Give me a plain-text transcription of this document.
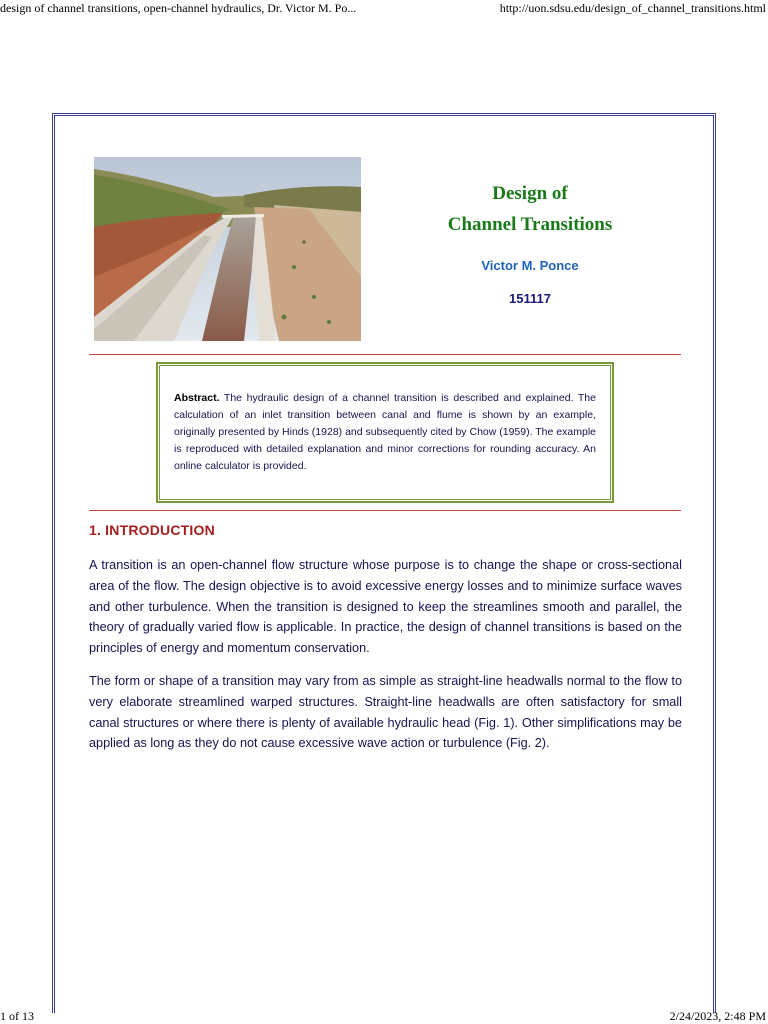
design of channel transitions, open-channel hydraulics, Dr. Victor M. Po...	http://uon.sdsu.edu/design_of_channel_transitions.html
Design of
Channel Transitions
Victor M. Ponce
151117
Abstract. The hydraulic design of a channel transition is described and explained. The calculation of an inlet transition between canal and flume is shown by an example, originally presented by Hinds (1928) and subsequently cited by Chow (1959). The example is reproduced with detailed explanation and minor corrections for rounding accuracy. An online calculator is provided.
1. INTRODUCTION
A transition is an open-channel flow structure whose purpose is to change the shape or cross-sectional area of the flow. The design objective is to avoid excessive energy losses and to minimize surface waves and other turbulence. When the transition is designed to keep the streamlines smooth and parallel, the theory of gradually varied flow is applicable. In practice, the design of channel transitions is based on the principles of energy and momentum conservation.
The form or shape of a transition may vary from as simple as straight-line headwalls normal to the flow to very elaborate streamlined warped structures. Straight-line headwalls are often satisfactory for small canal structures or where there is plenty of available hydraulic head (Fig. 1). Other simplifications may be applied as long as they do not cause excessive wave action or turbulence (Fig. 2).
1 of 13	2/24/2023, 2:48 PM
